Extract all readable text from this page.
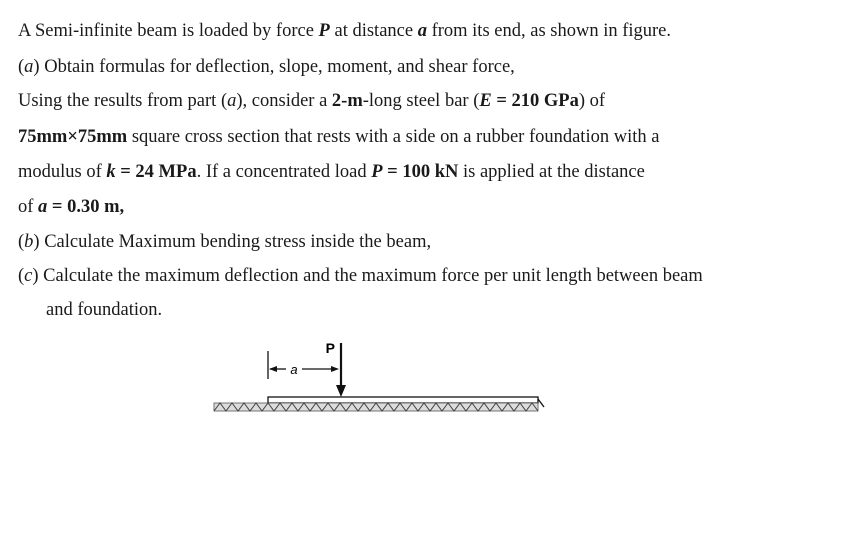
A Semi-infinite beam is loaded by force P at distance a from its end, as shown in figure.
(a) Obtain formulas for deflection, slope, moment, and shear force,
Using the results from part (a), consider a 2-m-long steel bar (E = 210 GPa) of
75mm×75mm square cross section that rests with a side on a rubber foundation with a
modulus of k = 24 MPa. If a concentrated load P = 100 kN is applied at the distance
of a = 0.30 m,
(b) Calculate Maximum bending stress inside the beam,
(c) Calculate the maximum deflection and the maximum force per unit length between beam
and foundation.
a
P
